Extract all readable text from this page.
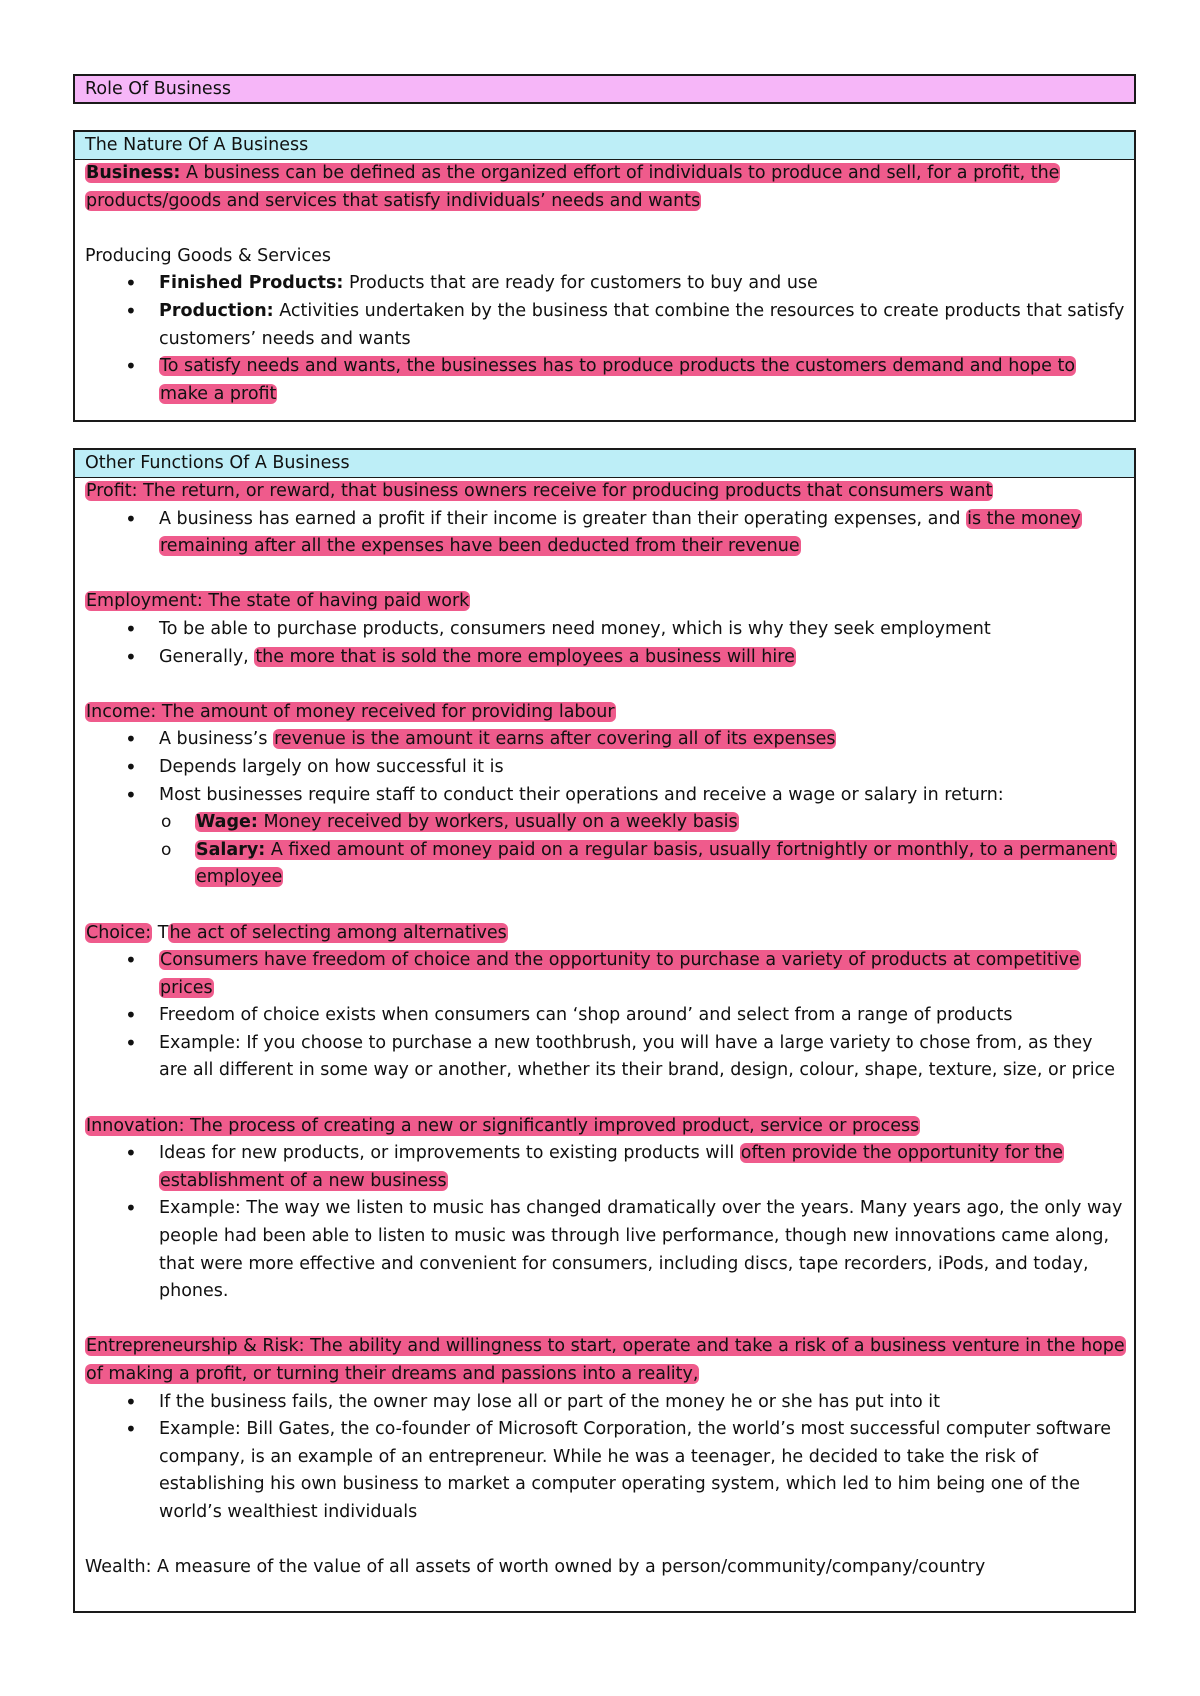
Role Of Business
The Nature Of A Business
Business: A business can be defined as the organized effort of individuals to produce and sell, for a profit, the products/goods and services that satisfy individuals’ needs and wants
Producing Goods & Services
• Finished Products: Products that are ready for customers to buy and use
• Production: Activities undertaken by the business that combine the resources to create products that satisfy customers’ needs and wants
• To satisfy needs and wants, the businesses has to produce products the customers demand and hope to make a profit
Other Functions Of A Business
Profit: The return, or reward, that business owners receive for producing products that consumers want
• A business has earned a profit if their income is greater than their operating expenses, and is the money remaining after all the expenses have been deducted from their revenue
Employment: The state of having paid work
• To be able to purchase products, consumers need money, which is why they seek employment
• Generally, the more that is sold the more employees a business will hire
Income: The amount of money received for providing labour
• A business’s revenue is the amount it earns after covering all of its expenses
• Depends largely on how successful it is
• Most businesses require staff to conduct their operations and receive a wage or salary in return:
o Wage: Money received by workers, usually on a weekly basis
o Salary: A fixed amount of money paid on a regular basis, usually fortnightly or monthly, to a permanent employee
Choice: The act of selecting among alternatives
• Consumers have freedom of choice and the opportunity to purchase a variety of products at competitive prices
• Freedom of choice exists when consumers can ‘shop around’ and select from a range of products
• Example: If you choose to purchase a new toothbrush, you will have a large variety to chose from, as they are all different in some way or another, whether its their brand, design, colour, shape, texture, size, or price
Innovation: The process of creating a new or significantly improved product, service or process
• Ideas for new products, or improvements to existing products will often provide the opportunity for the establishment of a new business
• Example: The way we listen to music has changed dramatically over the years. Many years ago, the only way people had been able to listen to music was through live performance, though new innovations came along, that were more effective and convenient for consumers, including discs, tape recorders, iPods, and today, phones.
Entrepreneurship & Risk: The ability and willingness to start, operate and take a risk of a business venture in the hope of making a profit, or turning their dreams and passions into a reality,
• If the business fails, the owner may lose all or part of the money he or she has put into it
• Example: Bill Gates, the co-founder of Microsoft Corporation, the world’s most successful computer software company, is an example of an entrepreneur. While he was a teenager, he decided to take the risk of establishing his own business to market a computer operating system, which led to him being one of the world’s wealthiest individuals
Wealth: A measure of the value of all assets of worth owned by a person/community/company/country
